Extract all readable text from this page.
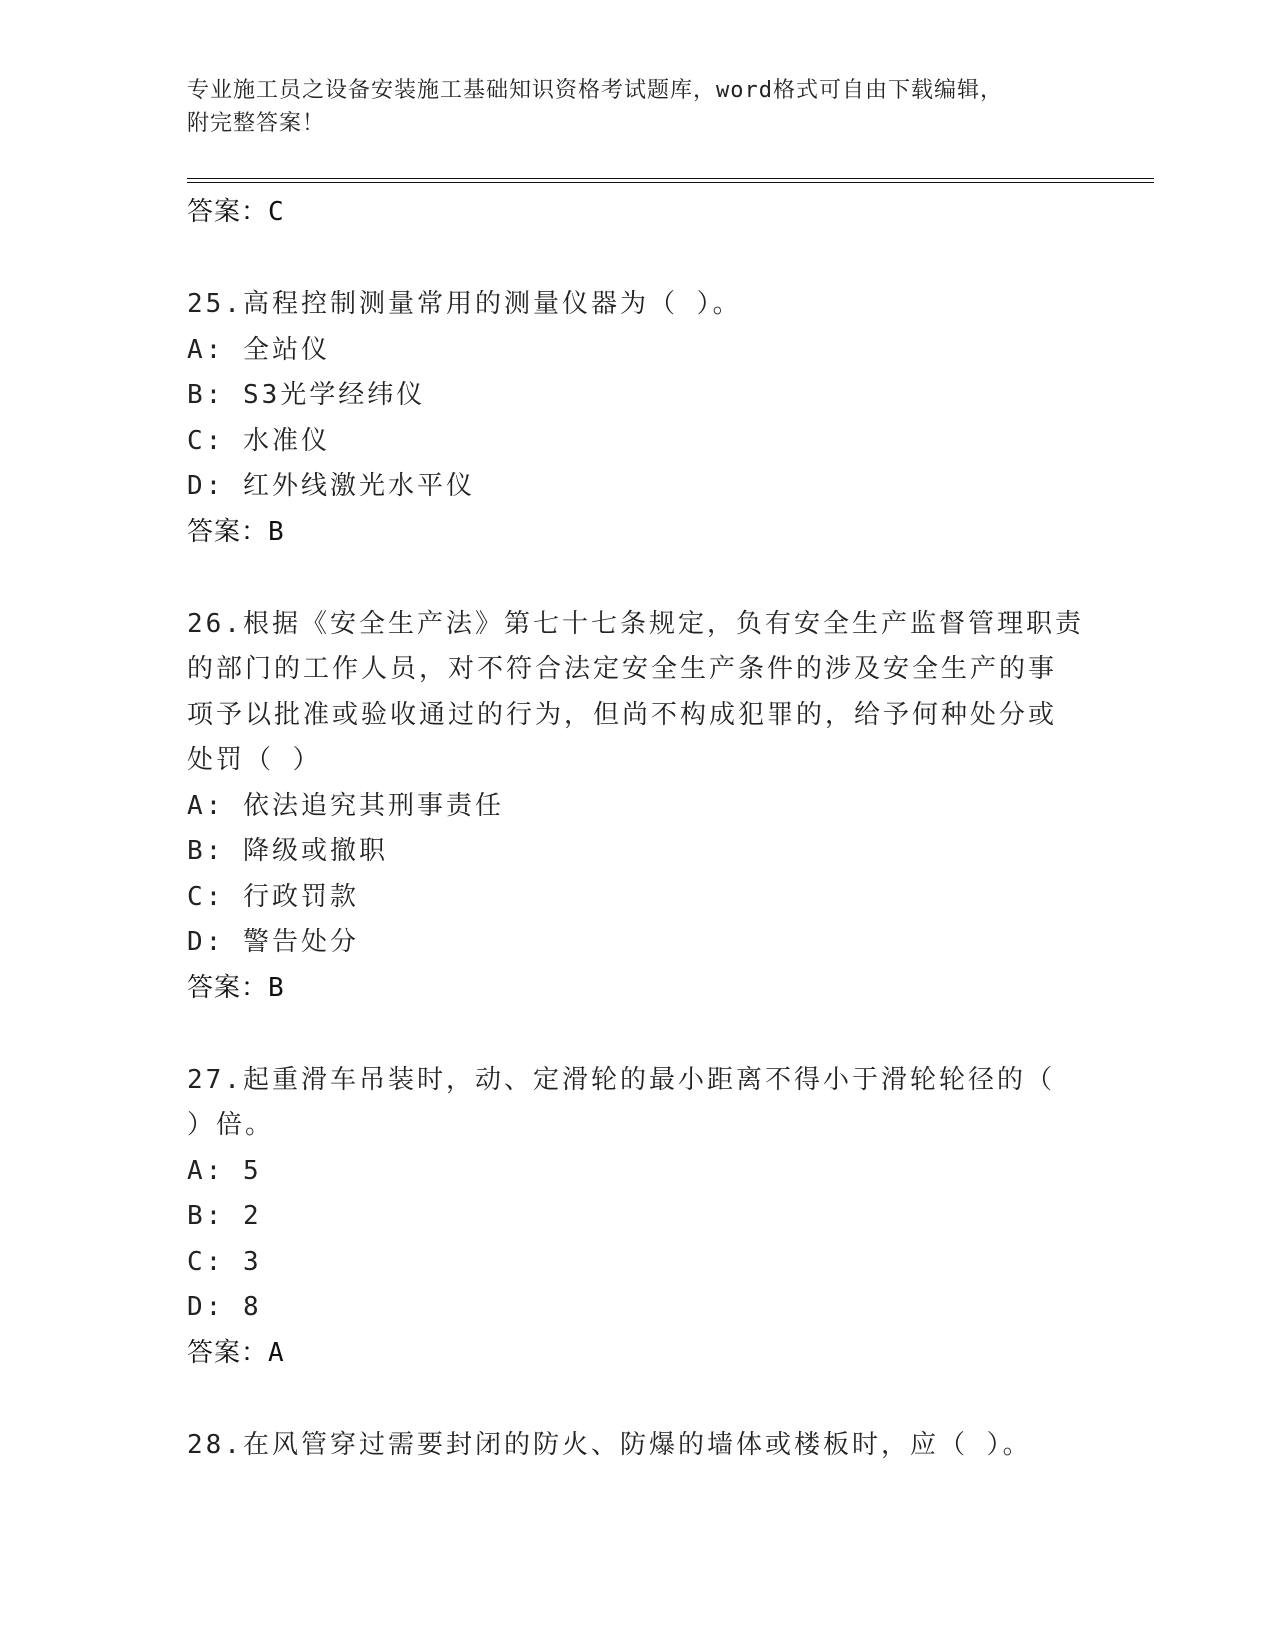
专业施工员之设备安装施工基础知识资格考试题库，word格式可自由下载编辑，
附完整答案！
答案：C
25.高程控制测量常用的测量仪器为（ ）。
A: 全站仪
B: S3光学经纬仪
C: 水准仪
D: 红外线激光水平仪
答案：B
26.根据《安全生产法》第七十七条规定，负有安全生产监督管理职责
的部门的工作人员，对不符合法定安全生产条件的涉及安全生产的事
项予以批准或验收通过的行为，但尚不构成犯罪的，给予何种处分或
处罚（ ）
A: 依法追究其刑事责任
B: 降级或撤职
C: 行政罚款
D: 警告处分
答案：B
27.起重滑车吊装时，动、定滑轮的最小距离不得小于滑轮轮径的（
）倍。
A: 5
B: 2
C: 3
D: 8
答案：A
28.在风管穿过需要封闭的防火、防爆的墙体或楼板时，应（ ）。
